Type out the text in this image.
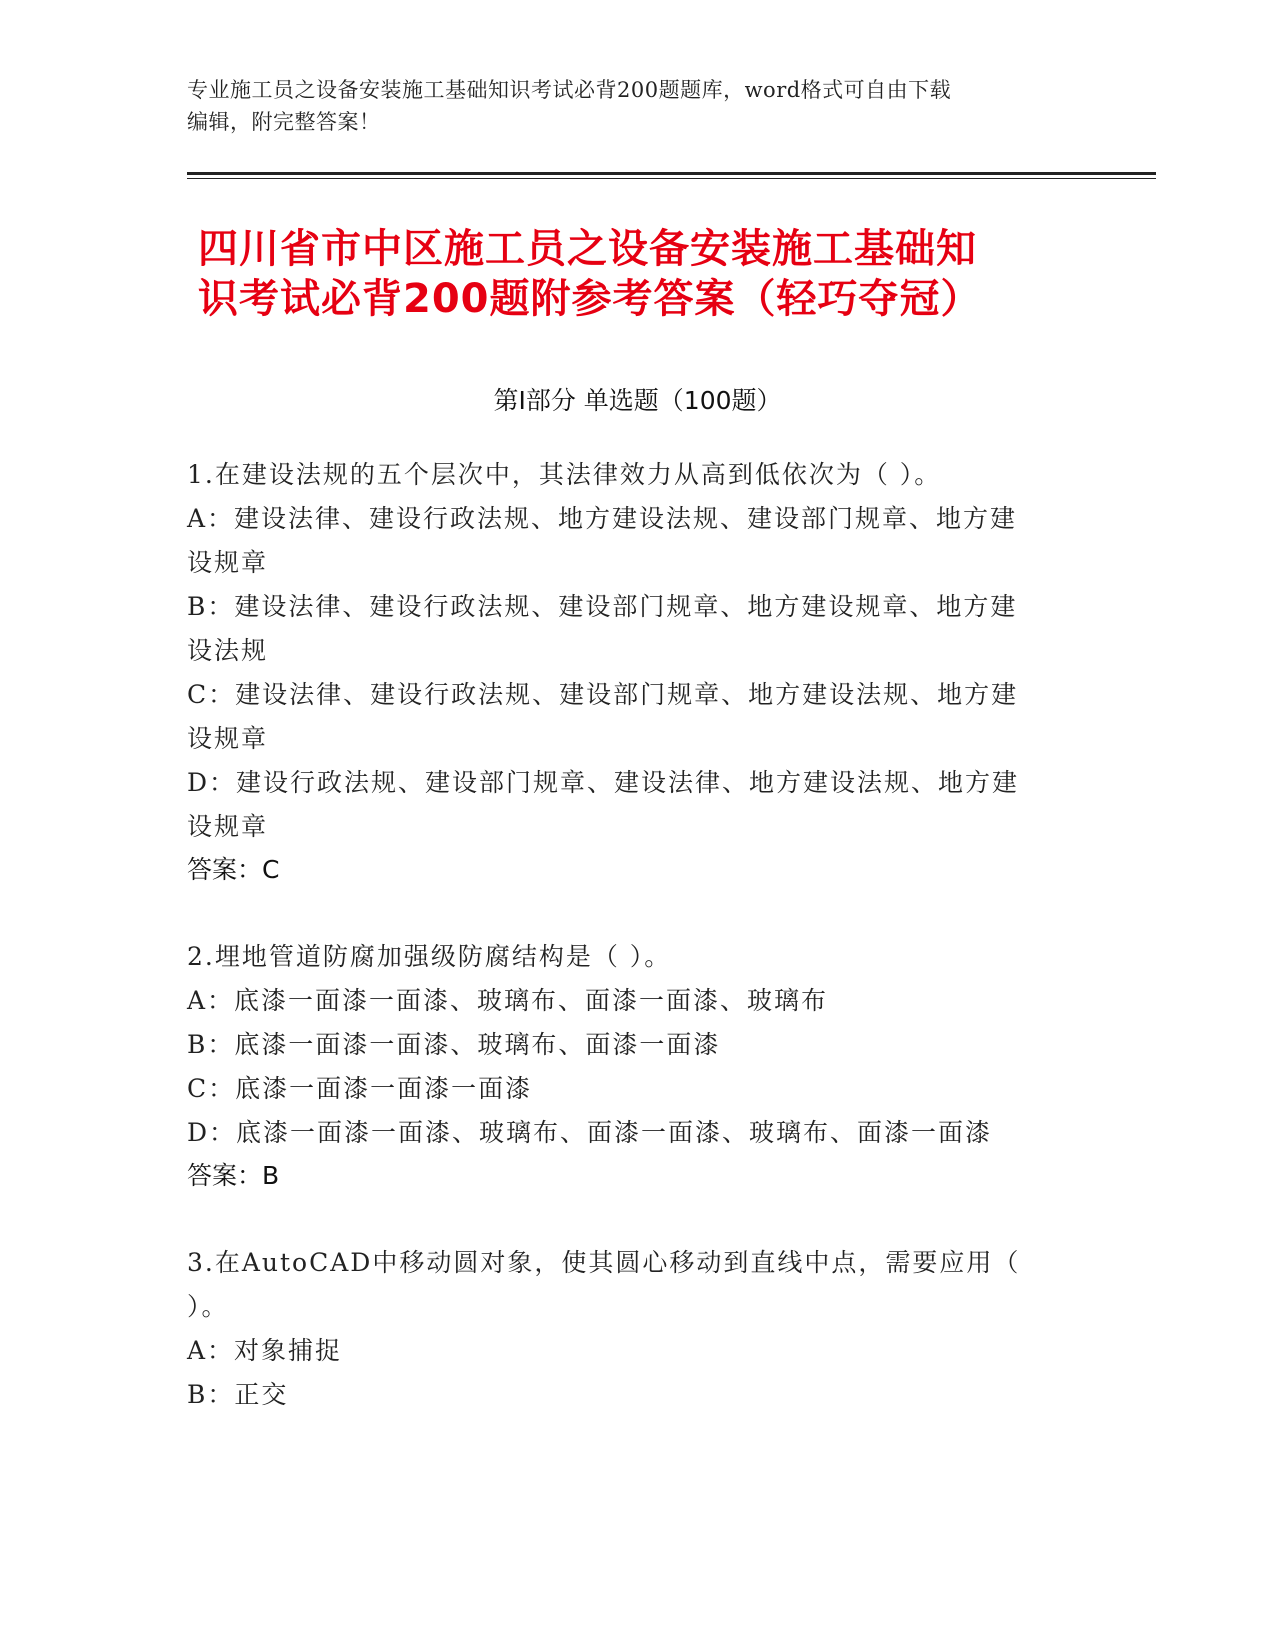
专业施工员之设备安装施工基础知识考试必背200题题库，word格式可自由下载
编辑，附完整答案！
四川省市中区施工员之设备安装施工基础知
识考试必背200题附参考答案（轻巧夺冠）
第Ⅰ部分 单选题（100题）
1.在建设法规的五个层次中，其法律效力从高到低依次为（ ）。
A：建设法律、建设行政法规、地方建设法规、建设部门规章、地方建
设规章
B：建设法律、建设行政法规、建设部门规章、地方建设规章、地方建
设法规
C：建设法律、建设行政法规、建设部门规章、地方建设法规、地方建
设规章
D：建设行政法规、建设部门规章、建设法律、地方建设法规、地方建
设规章
答案：C
2.埋地管道防腐加强级防腐结构是（ ）。
A：底漆一面漆一面漆、玻璃布、面漆一面漆、玻璃布
B：底漆一面漆一面漆、玻璃布、面漆一面漆
C：底漆一面漆一面漆一面漆
D：底漆一面漆一面漆、玻璃布、面漆一面漆、玻璃布、面漆一面漆
答案：B
3.在AutoCAD中移动圆对象，使其圆心移动到直线中点，需要应用（
）。
A：对象捕捉
B：正交
